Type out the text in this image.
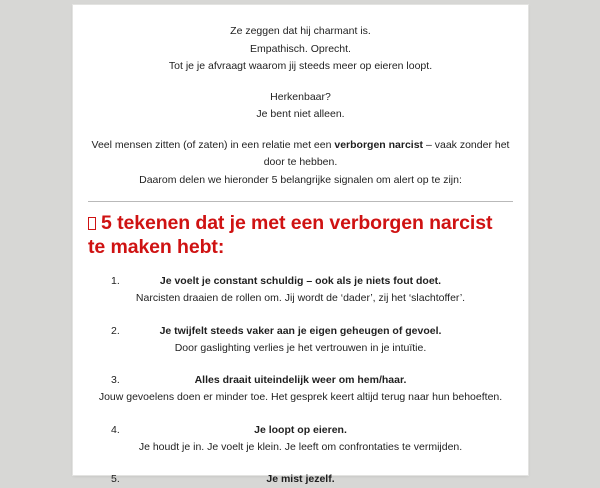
Ze zeggen dat hij charmant is.

Empathisch. Oprecht.

Tot je je afvraagt waarom jij steeds meer op eieren loopt.

Herkenbaar?

Je bent niet alleen.

Veel mensen zitten (of zaten) in een relatie met een verborgen narcist – vaak zonder het door te hebben.

Daarom delen we hieronder 5 belangrijke signalen om alert op te zijn:

5 tekenen dat je met een verborgen narcist te maken hebt:
Je voelt je constant schuldig – ook als je niets fout doet.
Narcisten draaien de rollen om. Jij wordt de ‘dader’, zij het ‘slachtoffer’.
Je twijfelt steeds vaker aan je eigen geheugen of gevoel.
Door gaslighting verlies je het vertrouwen in je intuïtie.
Alles draait uiteindelijk weer om hem/haar.
Jouw gevoelens doen er minder toe. Het gesprek keert altijd terug naar hun behoeften.
Je loopt op eieren.
Je houdt je in. Je voelt je klein. Je leeft om confrontaties te vermijden.
Je mist jezelf.
